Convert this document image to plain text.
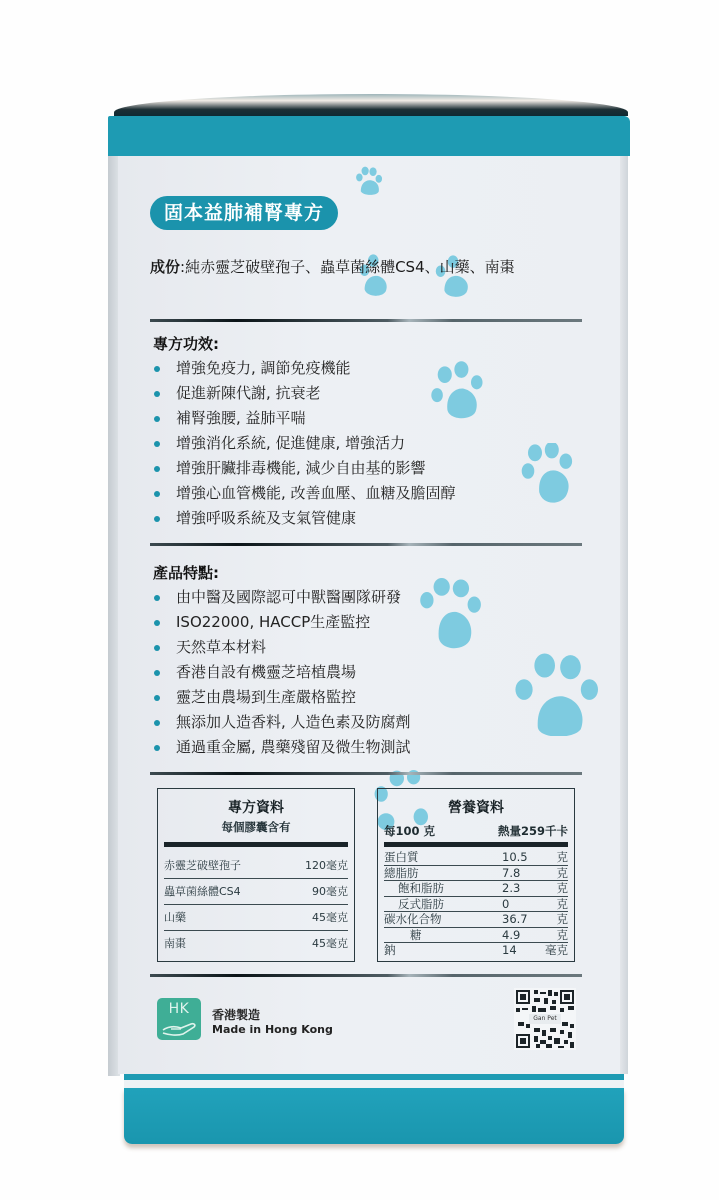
固本益肺補腎專方
成份:純赤靈芝破壁孢子、蟲草菌絲體CS4、山藥、南棗
專方功效:
增強免疫力, 調節免疫機能
促進新陳代謝, 抗衰老
補腎強腰, 益肺平喘
增強消化系統, 促進健康, 增強活力
增強肝臟排毒機能, 減少自由基的影響
增強心血管機能, 改善血壓、血糖及膽固醇
增強呼吸系統及支氣管健康
產品特點:
由中醫及國際認可中獸醫團隊研發
ISO22000, HACCP生產監控
天然草本材料
香港自設有機靈芝培植農場
靈芝由農場到生產嚴格監控
無添加人造香料, 人造色素及防腐劑
通過重金屬, 農藥殘留及微生物測試
專方資料
每個膠囊含有
赤靈芝破壁孢子	120毫克
蟲草菌絲體CS4	90毫克
山藥	45毫克
南棗	45毫克
營養資料
每100 克	熱量259千卡
蛋白質	10.5	克
總脂肪	7.8	克
飽和脂肪	2.3	克
反式脂肪	0	克
碳水化合物	36.7	克
糖	4.9	克
鈉	14 毫克
HK	香港製造
Made in Hong Kong
Gan Pet
